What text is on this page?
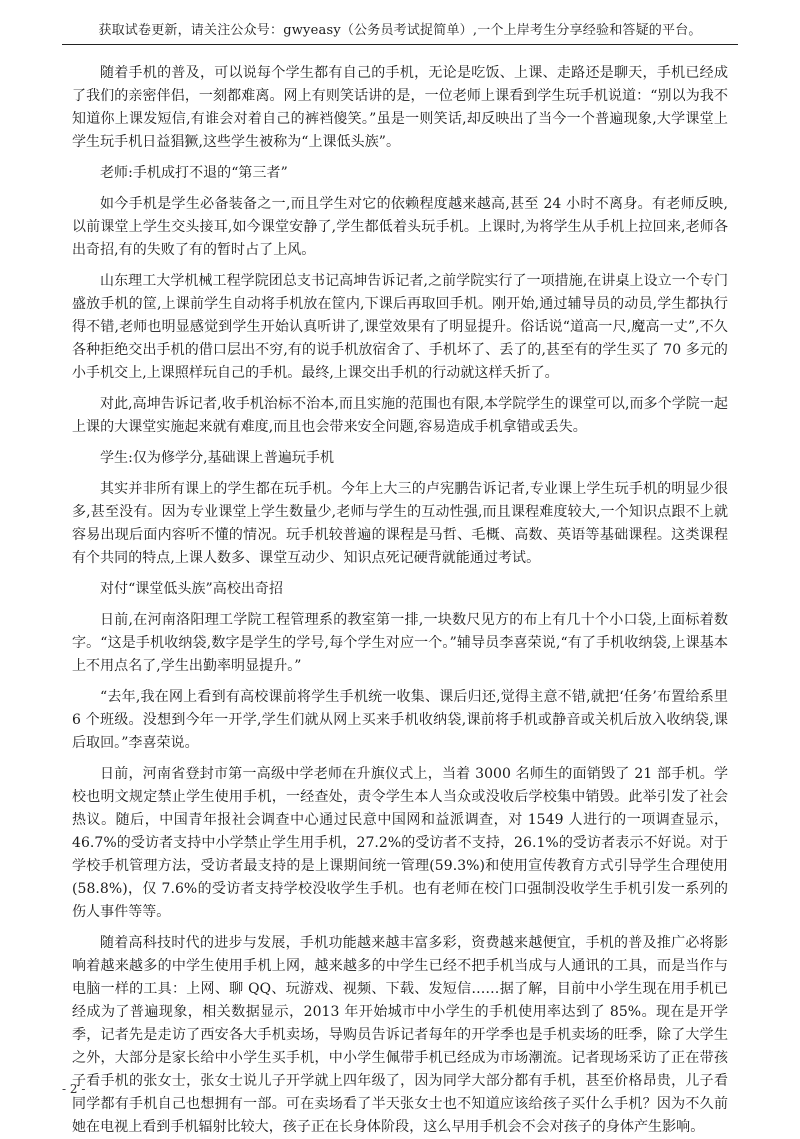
获取试卷更新，请关注公众号：gwyeasy（公务员考试捉简单）,一个上岸考生分享经验和答疑的平台。

随着手机的普及，可以说每个学生都有自己的手机，无论是吃饭、上课、走路还是聊天，手机已经成了我们的亲密伴侣，一刻都难离。网上有则笑话讲的是，一位老师上课看到学生玩手机说道：“别以为我不知道你上课发短信,有谁会对着自己的裤裆傻笑。”虽是一则笑话,却反映出了当今一个普遍现象,大学课堂上学生玩手机日益猖獗,这些学生被称为“上课低头族”。

老师:手机成打不退的“第三者”

如今手机是学生必备装备之一,而且学生对它的依赖程度越来越高,甚至 24 小时不离身。有老师反映,以前课堂上学生交头接耳,如今课堂安静了,学生都低着头玩手机。上课时,为将学生从手机上拉回来,老师各出奇招,有的失败了有的暂时占了上风。

山东理工大学机械工程学院团总支书记高坤告诉记者,之前学院实行了一项措施,在讲桌上设立一个专门盛放手机的筐,上课前学生自动将手机放在筐内,下课后再取回手机。刚开始,通过辅导员的动员,学生都执行得不错,老师也明显感觉到学生开始认真听讲了,课堂效果有了明显提升。俗话说“道高一尺,魔高一丈”,不久各种拒绝交出手机的借口层出不穷,有的说手机放宿舍了、手机坏了、丢了的,甚至有的学生买了 70 多元的小手机交上,上课照样玩自己的手机。最终,上课交出手机的行动就这样夭折了。

对此,高坤告诉记者,收手机治标不治本,而且实施的范围也有限,本学院学生的课堂可以,而多个学院一起上课的大课堂实施起来就有难度,而且也会带来安全问题,容易造成手机拿错或丢失。

学生:仅为修学分,基础课上普遍玩手机

其实并非所有课上的学生都在玩手机。今年上大三的卢宪鹏告诉记者,专业课上学生玩手机的明显少很多,甚至没有。因为专业课堂上学生数量少,老师与学生的互动性强,而且课程难度较大,一个知识点跟不上就容易出现后面内容听不懂的情况。玩手机较普遍的课程是马哲、毛概、高数、英语等基础课程。这类课程有个共同的特点,上课人数多、课堂互动少、知识点死记硬背就能通过考试。

对付“课堂低头族”高校出奇招

日前,在河南洛阳理工学院工程管理系的教室第一排,一块数尺见方的布上有几十个小口袋,上面标着数字。“这是手机收纳袋,数字是学生的学号,每个学生对应一个。”辅导员李喜荣说,“有了手机收纳袋,上课基本上不用点名了,学生出勤率明显提升。”

“去年,我在网上看到有高校课前将学生手机统一收集、课后归还,觉得主意不错,就把‘任务’布置给系里 6 个班级。没想到今年一开学,学生们就从网上买来手机收纳袋,课前将手机或静音或关机后放入收纳袋,课后取回。”李喜荣说。

日前，河南省登封市第一高级中学老师在升旗仪式上，当着 3000 名师生的面销毁了 21 部手机。学校也明文规定禁止学生使用手机，一经查处，责令学生本人当众或没收后学校集中销毁。此举引发了社会热议。随后，中国青年报社会调查中心通过民意中国网和益派调查，对 1549 人进行的一项调查显示，46.7%的受访者支持中小学禁止学生用手机，27.2%的受访者不支持，26.1%的受访者表示不好说。对于学校手机管理方法，受访者最支持的是上课期间统一管理(59.3%)和使用宣传教育方式引导学生合理使用(58.8%)，仅 7.6%的受访者支持学校没收学生手机。也有老师在校门口强制没收学生手机引发一系列的伤人事件等等。

随着高科技时代的进步与发展，手机功能越来越丰富多彩，资费越来越便宜，手机的普及推广必将影响着越来越多的中学生使用手机上网，越来越多的中学生已经不把手机当成与人通讯的工具，而是当作与电脑一样的工具：上网、聊 QQ、玩游戏、视频、下载、发短信……据了解，目前中小学生现在用手机已经成为了普遍现象，相关数据显示，2013 年开始城市中小学生的手机使用率达到了 85%。现在是开学季，记者先是走访了西安各大手机卖场，导购员告诉记者每年的开学季也是手机卖场的旺季，除了大学生之外，大部分是家长给中小学生买手机，中小学生佩带手机已经成为市场潮流。记者现场采访了正在带孩子看手机的张女士，张女士说儿子开学就上四年级了，因为同学大部分都有手机，甚至价格昂贵，儿子看同学都有手机自己也想拥有一部。可在卖场看了半天张女士也不知道应该给孩子买什么手机？因为不久前她在电视上看到手机辐射比较大，孩子正在长身体阶段，这么早用手机会不会对孩子的身体产生影响。

- 2 -
